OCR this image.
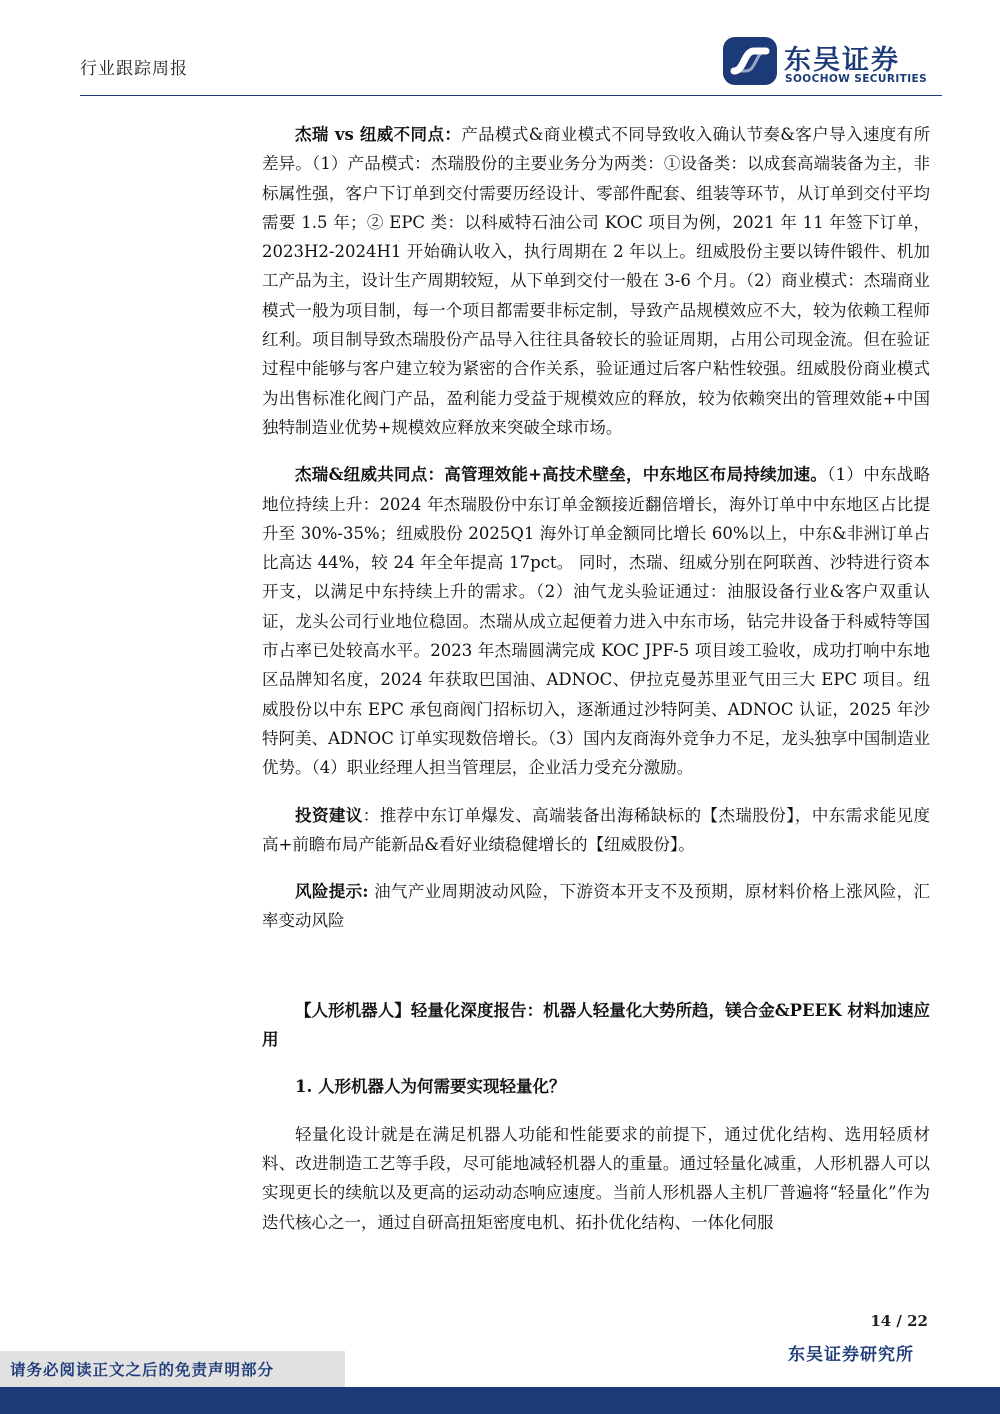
行业跟踪周报	东吴证券
SOOCHOW SECURITIES

杰瑞 vs 纽威不同点：产品模式&商业模式不同导致收入确认节奏&客户导入速度有所差异。（1）产品模式：杰瑞股份的主要业务分为两类：①设备类：以成套高端装备为主，非标属性强，客户下订单到交付需要历经设计、零部件配套、组装等环节，从订单到交付平均需要 1.5 年；② EPC 类：以科威特石油公司 KOC 项目为例，2021 年 11 年签下订单，2023H2-2024H1 开始确认收入，执行周期在 2 年以上。纽威股份主要以铸件锻件、机加工产品为主，设计生产周期较短，从下单到交付一般在 3-6 个月。（2）商业模式：杰瑞商业模式一般为项目制，每一个项目都需要非标定制，导致产品规模效应不大，较为依赖工程师红利。项目制导致杰瑞股份产品导入往往具备较长的验证周期，占用公司现金流。但在验证过程中能够与客户建立较为紧密的合作关系，验证通过后客户粘性较强。纽威股份商业模式为出售标准化阀门产品，盈利能力受益于规模效应的释放，较为依赖突出的管理效能+中国独特制造业优势+规模效应释放来突破全球市场。

杰瑞&纽威共同点：高管理效能+高技术壁垒，中东地区布局持续加速。（1）中东战略地位持续上升：2024 年杰瑞股份中东订单金额接近翻倍增长，海外订单中中东地区占比提升至 30%-35%；纽威股份 2025Q1 海外订单金额同比增长 60%以上，中东&非洲订单占比高达 44%，较 24 年全年提高 17pct。 同时，杰瑞、纽威分别在阿联酋、沙特进行资本开支，以满足中东持续上升的需求。（2）油气龙头验证通过：油服设备行业&客户双重认证，龙头公司行业地位稳固。杰瑞从成立起便着力进入中东市场，钻完井设备于科威特等国市占率已处较高水平。2023 年杰瑞圆满完成 KOC JPF-5 项目竣工验收，成功打响中东地区品牌知名度，2024 年获取巴国油、ADNOC、伊拉克曼苏里亚气田三大 EPC 项目。纽威股份以中东 EPC 承包商阀门招标切入，逐渐通过沙特阿美、ADNOC 认证，2025 年沙特阿美、ADNOC 订单实现数倍增长。（3）国内友商海外竞争力不足，龙头独享中国制造业优势。（4）职业经理人担当管理层，企业活力受充分激励。

投资建议：推荐中东订单爆发、高端装备出海稀缺标的【杰瑞股份】，中东需求能见度高+前瞻布局产能新品&看好业绩稳健增长的【纽威股份】。

风险提示: 油气产业周期波动风险，下游资本开支不及预期，原材料价格上涨风险，汇率变动风险

【人形机器人】轻量化深度报告：机器人轻量化大势所趋，镁合金&PEEK 材料加速应用

1. 人形机器人为何需要实现轻量化？

轻量化设计就是在满足机器人功能和性能要求的前提下，通过优化结构、选用轻质材料、改进制造工艺等手段，尽可能地减轻机器人的重量。通过轻量化减重，人形机器人可以实现更长的续航以及更高的运动动态响应速度。当前人形机器人主机厂普遍将“轻量化”作为迭代核心之一，通过自研高扭矩密度电机、拓扑优化结构、一体化伺服

14 / 22
请务必阅读正文之后的免责声明部分
东吴证券研究所
